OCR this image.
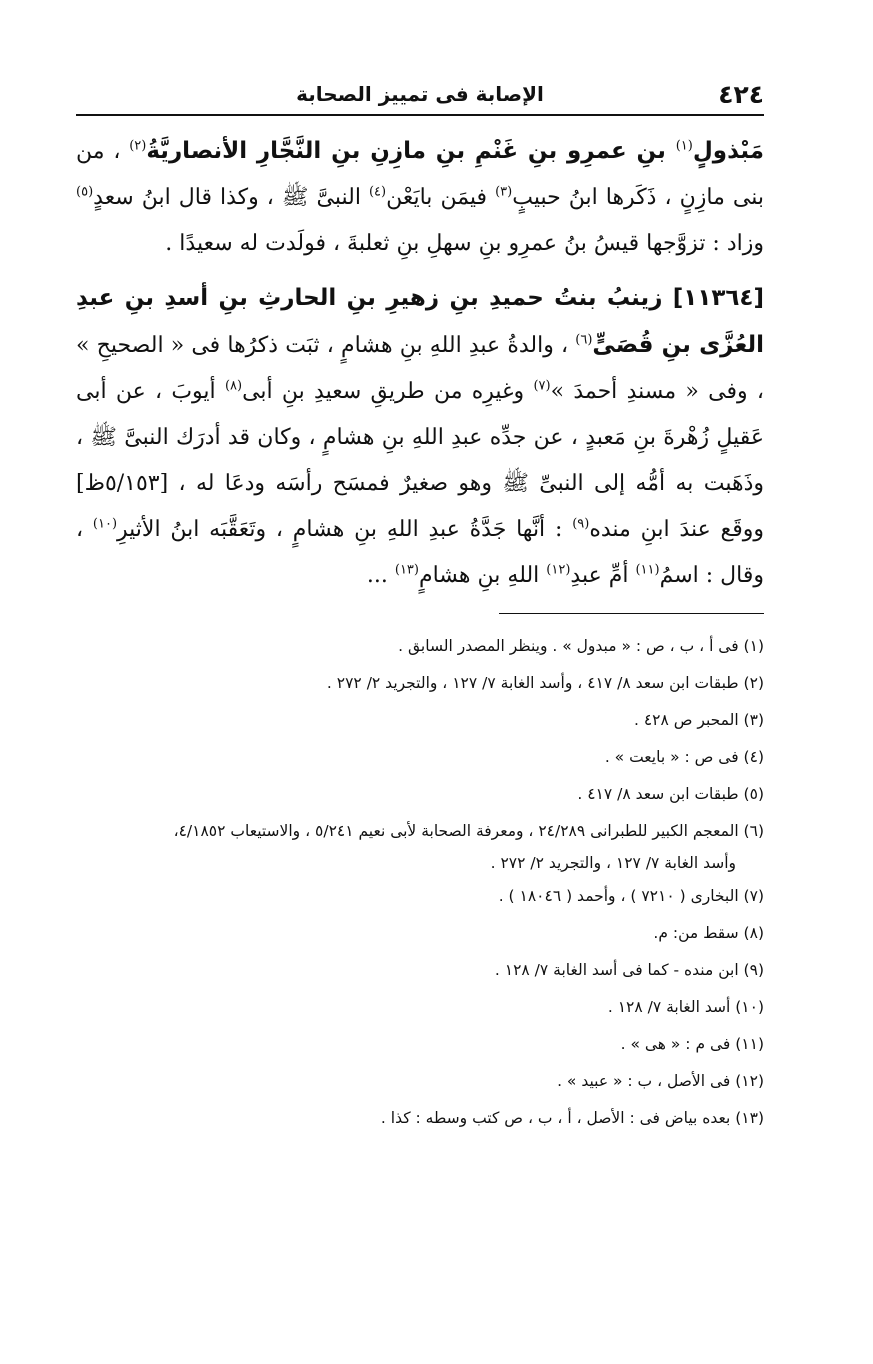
٤٢٤
الإصابة فى تمييز الصحابة

مَبْذولٍ$^{(١)}$ بنِ عمرِو بنِ غَنْمِ بنِ مازِنِ بنِ النَّجَّارِ الأنصاريَّةُ$^{(٢)}$ ، من بنى مازِنٍ ، ذَكَرها ابنُ حبيبٍ$^{(٣)}$ فيمَن بايَعْن$^{(٤)}$ النبىَّ ﷺ ، وكذا قال ابنُ سعدٍ$^{(٥)}$ وزاد : تزوَّجها قيسُ بنُ عمرِو بنِ سهلِ بنِ ثعلبةَ ، فولَدت له سعيدًا .

[١١٣٦٤] زينبُ بنتُ حميدِ بنِ زهيرِ بنِ الحارثِ بنِ أسدِ بنِ عبدِ العُزَّى بنِ قُصَىٍّ$^{(٦)}$ ، والدةُ عبدِ اللهِ بنِ هشامٍ ، ثبَت ذكرُها فى « الصحيحِ » ، وفى « مسندِ أحمدَ »$^{(٧)}$ وغيرِه من طريقِ سعيدِ بنِ أبى$^{(٨)}$ أيوبَ ، عن أبى عَقيلٍ زُهْرةَ بنِ مَعبدٍ ، عن جدِّه عبدِ اللهِ بنِ هشامٍ ، وكان قد أدرَك النبىَّ ﷺ ، وذَهَبت به أمُّه إلى النبىِّ ﷺ وهو صغيرٌ فمسَح رأسَه ودعَا له ، [٥/١٥٣ظ] ووقَع عندَ ابنِ منده$^{(٩)}$ : أنَّها جَدَّةُ عبدِ اللهِ بنِ هشامٍ ، وتَعَقَّبَه ابنُ الأثيرِ$^{(١٠)}$ ، وقال : اسمُ$^{(١١)}$ أمِّ عبدِ$^{(١٢)}$ اللهِ بنِ هشامٍ$^{(١٣)}$ ...

(١) فى أ ، ب ، ص : « مبدول » . وينظر المصدر السابق .
(٢) طبقات ابن سعد ٨/ ٤١٧ ، وأسد الغابة ٧/ ١٢٧ ، والتجريد ٢/ ٢٧٢ .
(٣) المحبر ص ٤٢٨ .
(٤) فى ص : « بايعت » .
(٥) طبقات ابن سعد ٨/ ٤١٧ .
(٦) المعجم الكبير للطبرانى ٢٤/٢٨٩ ، ومعرفة الصحابة لأبى نعيم ٥/٢٤١ ، والاستيعاب ٤/١٨٥٢،
وأسد الغابة ٧/ ١٢٧ ، والتجريد ٢/ ٢٧٢ .
(٧) البخارى ( ٧٢١٠ ) ، وأحمد ( ١٨٠٤٦ ) .
(٨) سقط من: م.
(٩) ابن منده - كما فى أسد الغابة ٧/ ١٢٨ .
(١٠) أسد الغابة ٧/ ١٢٨ .
(١١) فى م : « هى » .
(١٢) فى الأصل ، ب : « عبيد » .
(١٣) بعده بياض فى : الأصل ، أ ، ب ، ص كتب وسطه : كذا .
